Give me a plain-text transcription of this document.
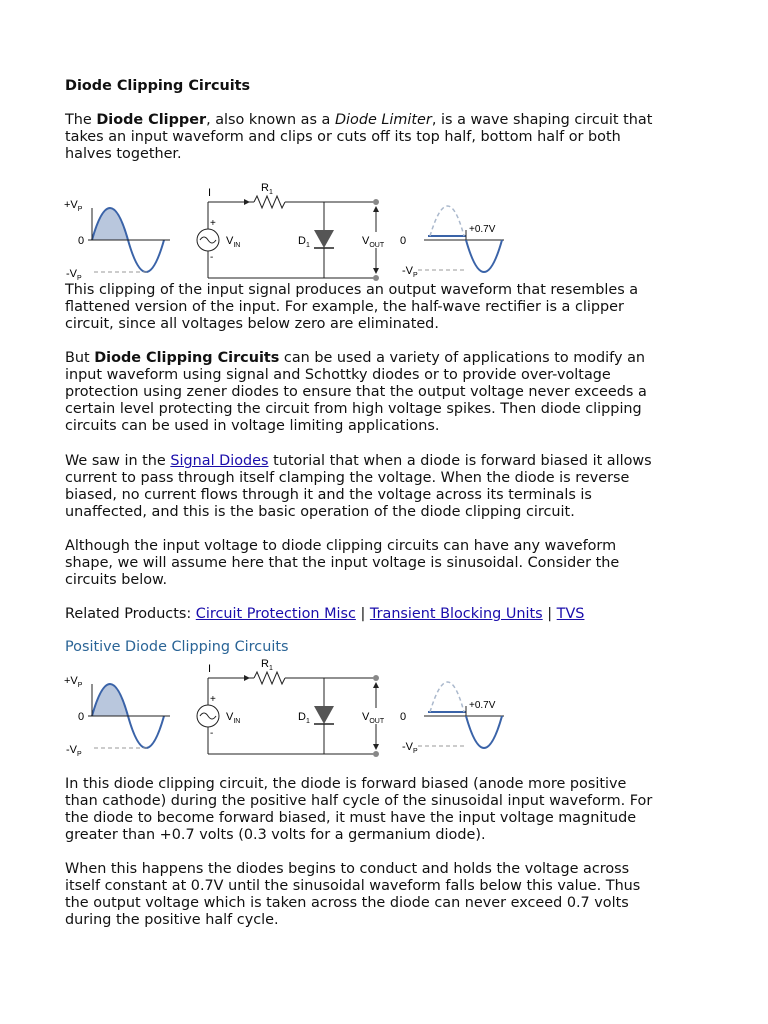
Diode Clipping Circuits
The Diode Clipper, also known as a Diode Limiter, is a wave shaping circuit that
takes an input waveform and clips or cuts off its top half, bottom half or both
halves together.
$+V_P$
0
$-V_P$
I	$R_1$
+
-
$V_{IN}$	$D_1$	$V_{OUT}$ 0
$-V_P$
+0.7V
This clipping of the input signal produces an output waveform that resembles a
flattened version of the input. For example, the half-wave rectifier is a clipper
circuit, since all voltages below zero are eliminated.
But Diode Clipping Circuits can be used a variety of applications to modify an
input waveform using signal and Schottky diodes or to provide over-voltage
protection using zener diodes to ensure that the output voltage never exceeds a
certain level protecting the circuit from high voltage spikes. Then diode clipping
circuits can be used in voltage limiting applications.
We saw in the Signal Diodes tutorial that when a diode is forward biased it allows
current to pass through itself clamping the voltage. When the diode is reverse
biased, no current flows through it and the voltage across its terminals is
unaffected, and this is the basic operation of the diode clipping circuit.
Although the input voltage to diode clipping circuits can have any waveform
shape, we will assume here that the input voltage is sinusoidal. Consider the
circuits below.
Related Products: Circuit Protection Misc | Transient Blocking Units | TVS
Positive Diode Clipping Circuits
$+V_P$
0
$-V_P$
I	$R_1$
+
-
$V_{IN}$	$D_1$	$V_{OUT}$ 0
$-V_P$
+0.7V
In this diode clipping circuit, the diode is forward biased (anode more positive
than cathode) during the positive half cycle of the sinusoidal input waveform. For
the diode to become forward biased, it must have the input voltage magnitude
greater than +0.7 volts (0.3 volts for a germanium diode).
When this happens the diodes begins to conduct and holds the voltage across
itself constant at 0.7V until the sinusoidal waveform falls below this value. Thus
the output voltage which is taken across the diode can never exceed 0.7 volts
during the positive half cycle.
